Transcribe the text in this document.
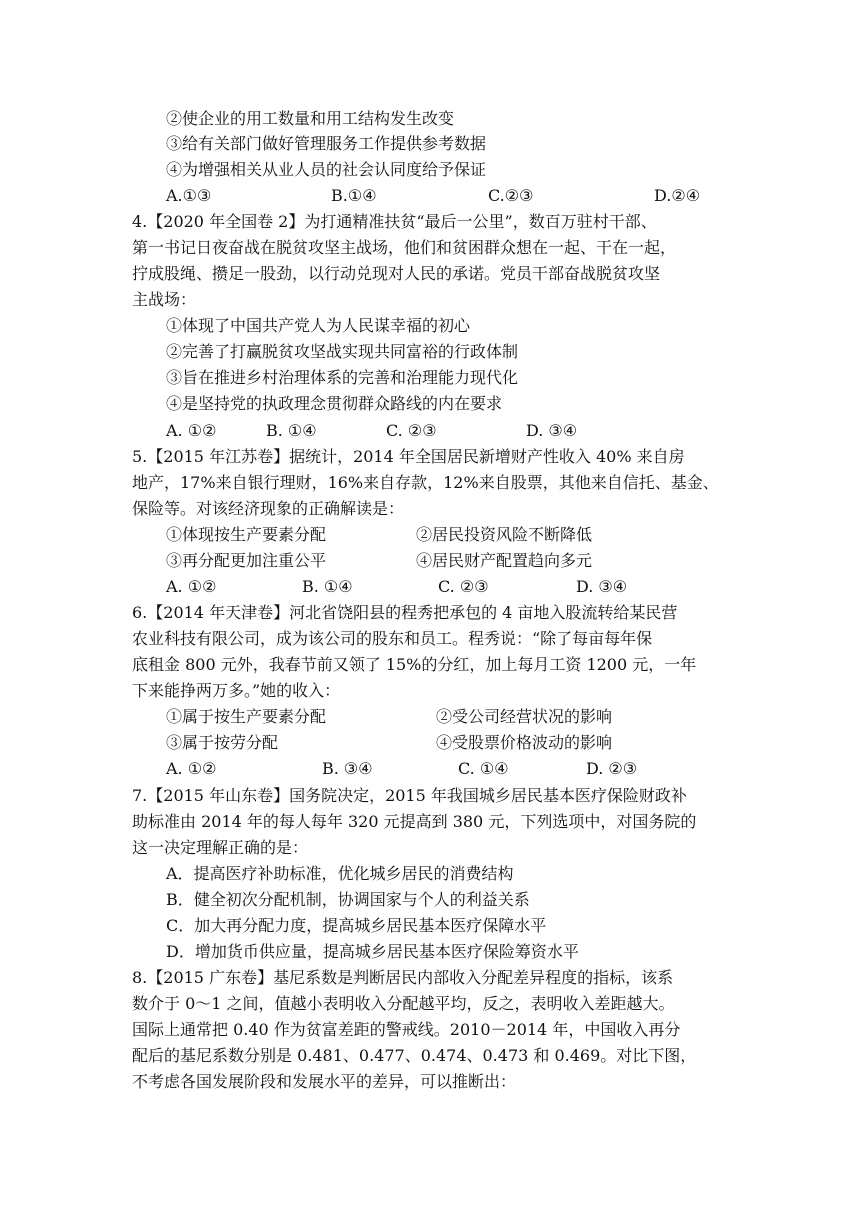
②使企业的用工数量和用工结构发生改变
③给有关部门做好管理服务工作提供参考数据
④为增强相关从业人员的社会认同度给予保证
A.①③	B.①④	C.②③	D.②④
4.【2020 年全国卷 2】为打通精准扶贫“最后一公里”，数百万驻村干部、
第一书记日夜奋战在脱贫攻坚主战场，他们和贫困群众想在一起、干在一起，
拧成股绳、攒足一股劲，以行动兑现对人民的承诺。党员干部奋战脱贫攻坚
主战场：
①体现了中国共产党人为人民谋幸福的初心
②完善了打赢脱贫攻坚战实现共同富裕的行政体制
③旨在推进乡村治理体系的完善和治理能力现代化
④是坚持党的执政理念贯彻群众路线的内在要求
A. ①②	B. ①④	C. ②③	D. ③④
5.【2015 年江苏卷】据统计，2014 年全国居民新增财产性收入 40% 来自房
地产，17%来自银行理财，16%来自存款，12%来自股票，其他来自信托、基金、
保险等。对该经济现象的正确解读是：
①体现按生产要素分配	②居民投资风险不断降低
③再分配更加注重公平	④居民财产配置趋向多元
A. ①②	B. ①④	C. ②③	D. ③④
6.【2014 年天津卷】河北省饶阳县的程秀把承包的 4 亩地入股流转给某民营
农业科技有限公司，成为该公司的股东和员工。程秀说：“除了每亩每年保
底租金 800 元外，我春节前又领了 15%的分红，加上每月工资 1200 元，一年
下来能挣两万多。”她的收入：
①属于按生产要素分配	②受公司经营状况的影响
③属于按劳分配	④受股票价格波动的影响
A. ①②	B. ③④	C. ①④	D. ②③
7.【2015 年山东卷】国务院决定，2015 年我国城乡居民基本医疗保险财政补
助标准由 2014 年的每人每年 320 元提高到 380 元，下列选项中，对国务院的
这一决定理解正确的是：
A．提高医疗补助标准，优化城乡居民的消费结构
B．健全初次分配机制，协调国家与个人的利益关系
C．加大再分配力度，提高城乡居民基本医疗保障水平
D．增加货币供应量，提高城乡居民基本医疗保险筹资水平
8.【2015 广东卷】基尼系数是判断居民内部收入分配差异程度的指标，该系
数介于 0～1 之间，值越小表明收入分配越平均，反之，表明收入差距越大。
国际上通常把 0.40 作为贫富差距的警戒线。2010－2014 年，中国收入再分
配后的基尼系数分别是 0.481、0.477、0.474、0.473 和 0.469。对比下图，
不考虑各国发展阶段和发展水平的差异，可以推断出：
